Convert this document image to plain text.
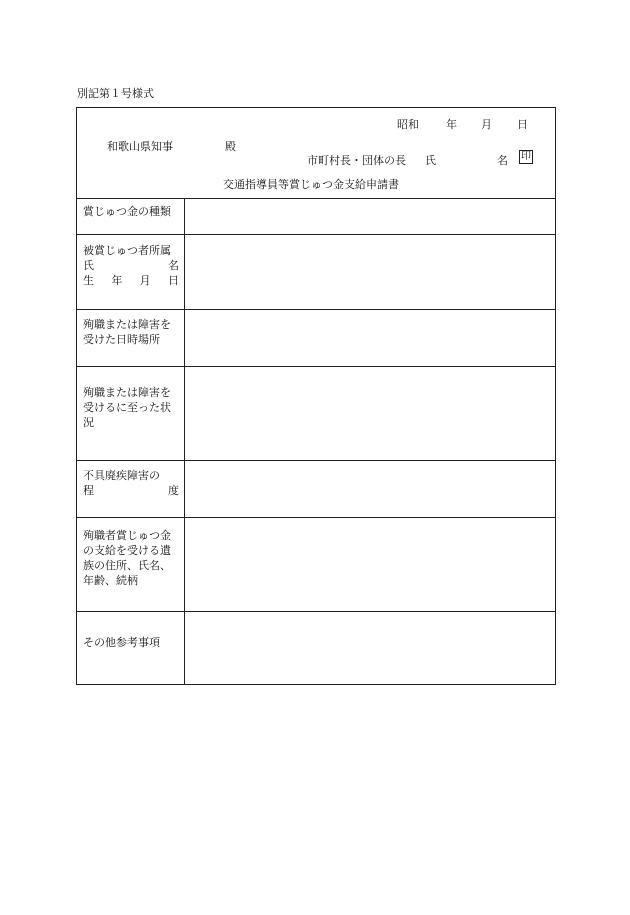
別記第１号様式
昭和 年 月 日
和歌山県知事	殿
市町村長・団体の長 氏	名 印
交通指導員等賞じゅつ金支給申請書
賞じゅつ金の種類
被賞じゅつ者所属
氏	名
生 年 月 日
殉職または障害を
受けた日時場所
殉職または障害を
受けるに至った状
況
不具廃疾障害の
程	度
殉職者賞じゅつ金
の支給を受ける遺
族の住所、氏名、
年齢、続柄
その他参考事項
